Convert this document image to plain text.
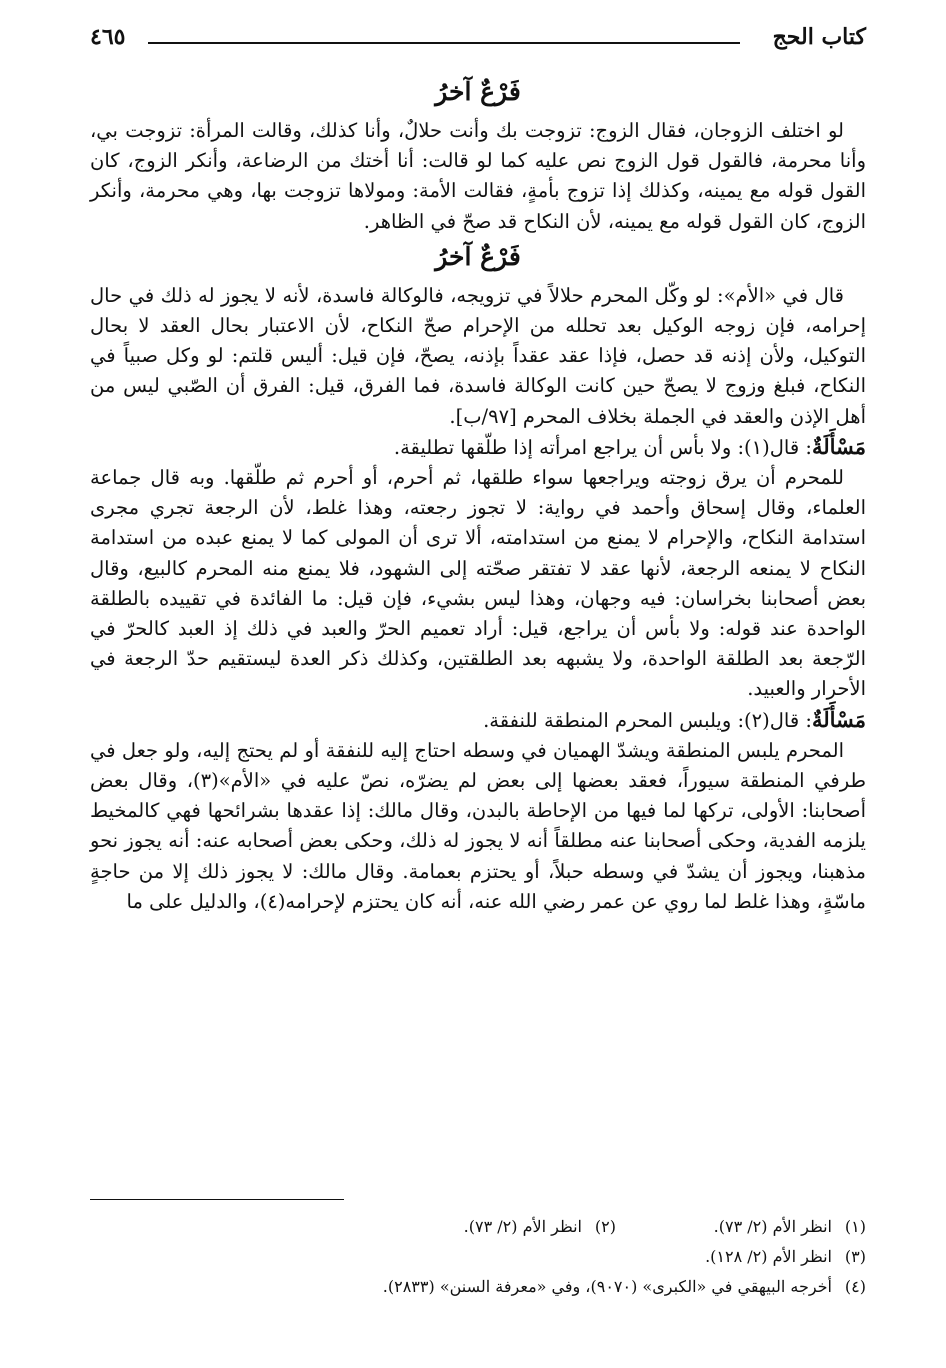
كتاب الحج
٤٦٥
فَرْعٌ آخرُ

لو اختلف الزوجان، فقال الزوج: تزوجت بك وأنت حلالٌ، وأنا كذلك، وقالت المرأة: تزوجت بي، وأنا محرمة، فالقول قول الزوج نص عليه كما لو قالت: أنا أختك من الرضاعة، وأنكر الزوج، كان القول قوله مع يمينه، وكذلك إذا تزوج بأمةٍ، فقالت الأمة: ومولاها تزوجت بها، وهي محرمة، وأنكر الزوج، كان القول قوله مع يمينه، لأن النكاح قد صحّ في الظاهر.

فَرْعٌ آخرُ

قال في «الأم»: لو وكّل المحرم حلالاً في تزويجه، فالوكالة فاسدة، لأنه لا يجوز له ذلك في حال إحرامه، فإن زوجه الوكيل بعد تحلله من الإحرام صحّ النكاح، لأن الاعتبار بحال العقد لا بحال التوكيل، ولأن إذنه قد حصل، فإذا عقد عقداً بإذنه، يصحّ، فإن قيل: أليس قلتم: لو وكل صبياً في النكاح، فبلغ وزوج لا يصحّ حين كانت الوكالة فاسدة، فما الفرق، قيل: الفرق أن الصّبي ليس من أهل الإذن والعقد في الجملة بخلاف المحرم [٩٧/ب].

مَسْأَلَةٌ: قال(١): ولا بأس أن يراجع امرأته إذا طلّقها تطليقة.

للمحرم أن يرق زوجته ويراجعها سواء طلقها، ثم أحرم، أو أحرم ثم طلّقها. وبه قال جماعة العلماء، وقال إسحاق وأحمد في رواية: لا تجوز رجعته، وهذا غلط، لأن الرجعة تجري مجرى استدامة النكاح، والإحرام لا يمنع من استدامته، ألا ترى أن المولى كما لا يمنع عبده من استدامة النكاح لا يمنعه الرجعة، لأنها عقد لا تفتقر صحّته إلى الشهود، فلا يمنع منه المحرم كالبيع، وقال بعض أصحابنا بخراسان: فيه وجهان، وهذا ليس بشيء، فإن قيل: ما الفائدة في تقييده بالطلقة الواحدة عند قوله: ولا بأس أن يراجع، قيل: أراد تعميم الحرّ والعبد في ذلك إذ العبد كالحرّ في الرّجعة بعد الطلقة الواحدة، ولا يشبهه بعد الطلقتين، وكذلك ذكر العدة ليستقيم حدّ الرجعة في الأحرار والعبيد.

مَسْأَلَةٌ: قال(٢): ويلبس المحرم المنطقة للنفقة.

المحرم يلبس المنطقة ويشدّ الهميان في وسطه احتاج إليه للنفقة أو لم يحتج إليه، ولو جعل في طرفي المنطقة سيوراً، فعقد بعضها إلى بعض لم يضرّه، نصّ عليه في «الأم»(٣)، وقال بعض أصحابنا: الأولى، تركها لما فيها من الإحاطة بالبدن، وقال مالك: إذا عقدها بشرائحها فهي كالمخيط يلزمه الفدية، وحكى أصحابنا عنه مطلقاً أنه لا يجوز له ذلك، وحكى بعض أصحابه عنه: أنه يجوز نحو مذهبنا، ويجوز أن يشدّ في وسطه حبلاً، أو يحتزم بعمامة. وقال مالك: لا يجوز ذلك إلا من حاجةٍ ماسّةٍ، وهذا غلط لما روي عن عمر رضي الله عنه، أنه كان يحتزم لإحرامه(٤)، والدليل على ما

(١)انظر الأم (٢/ ٧٣).
(٢)انظر الأم (٢/ ٧٣).
(٣)انظر الأم (٢/ ١٢٨).
(٤)أخرجه البيهقي في «الكبرى» (٩٠٧٠)، وفي «معرفة السنن» (٢٨٣٣).
